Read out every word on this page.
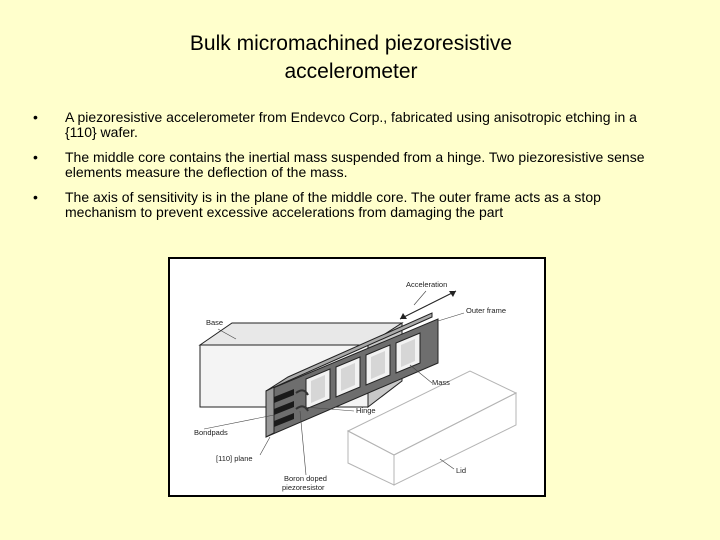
Bulk micromachined piezoresistive
accelerometer
• A piezoresistive accelerometer from Endevco Corp., fabricated using anisotropic etching in a {110} wafer.
• The middle core contains the inertial mass suspended from a hinge. Two piezoresistive sense elements measure the deflection of the mass.
• The axis of sensitivity is in the plane of the middle core. The outer frame acts as a stop mechanism to prevent excessive accelerations from damaging the part
Acceleration
Outer frame
Base
Mass
Hinge
Bondpads
[110] plane
Lid
Boron doped
piezoresistor
